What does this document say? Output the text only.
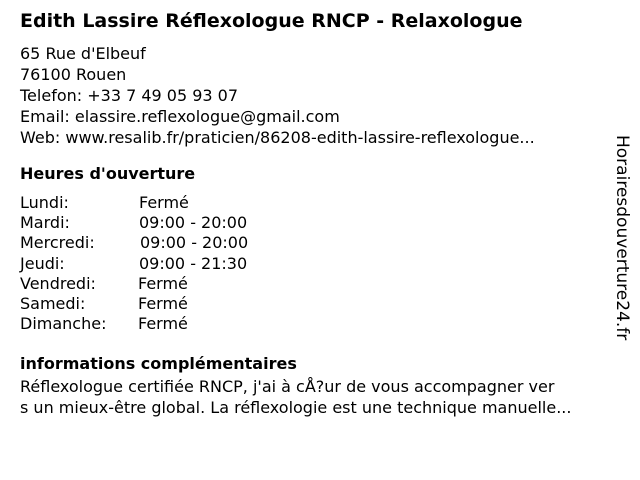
Edith Lassire Réflexologue RNCP - Relaxologue
65 Rue d'Elbeuf
76100 Rouen
Telefon: +33 7 49 05 93 07
Email: elassire.reflexologue@gmail.com
Web: www.resalib.fr/praticien/86208-edith-lassire-reflexologue...
Heures d'ouverture
Lundi:	Fermé
Mardi:	09:00 - 20:00
Mercredi:	09:00 - 20:00
Jeudi:	09:00 - 21:30
Vendredi:	Fermé
Samedi:	Fermé
Dimanche: Fermé
informations complémentaires
Réflexologue certifiée RNCP, j'ai à cÅ?ur de vous accompagner ver
s un mieux-être global. La réflexologie est une technique manuelle...
Horairesdouverture24.fr
